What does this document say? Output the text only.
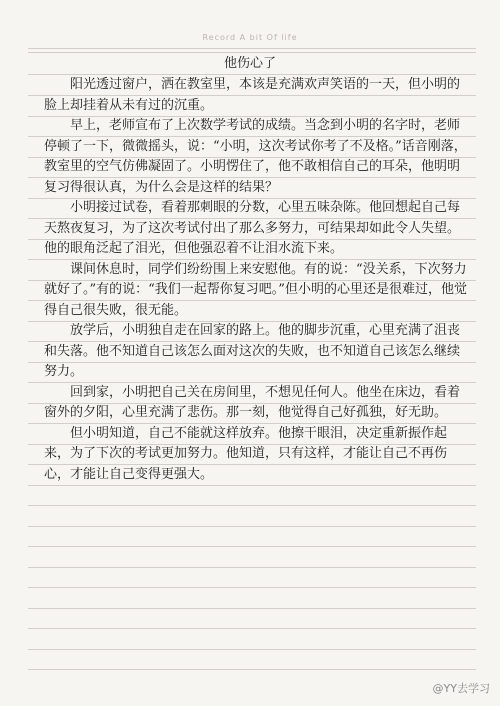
Record A bit Of life
他伤心了

阳光透过窗户，洒在教室里，本该是充满欢声笑语的一天，但小明的脸上却挂着从未有过的沉重。

早上，老师宣布了上次数学考试的成绩。当念到小明的名字时，老师停顿了一下，微微摇头，说：“小明，这次考试你考了不及格。”话音刚落，教室里的空气仿佛凝固了。小明愣住了，他不敢相信自己的耳朵，他明明复习得很认真，为什么会是这样的结果？

小明接过试卷，看着那刺眼的分数，心里五味杂陈。他回想起自己每天熬夜复习，为了这次考试付出了那么多努力，可结果却如此令人失望。他的眼角泛起了泪光，但他强忍着不让泪水流下来。

课间休息时，同学们纷纷围上来安慰他。有的说：“没关系，下次努力就好了。”有的说：“我们一起帮你复习吧。”但小明的心里还是很难过，他觉得自己很失败，很无能。

放学后，小明独自走在回家的路上。他的脚步沉重，心里充满了沮丧和失落。他不知道自己该怎么面对这次的失败，也不知道自己该怎么继续努力。

回到家，小明把自己关在房间里，不想见任何人。他坐在床边，看着窗外的夕阳，心里充满了悲伤。那一刻，他觉得自己好孤独，好无助。

但小明知道，自己不能就这样放弃。他擦干眼泪，决定重新振作起来，为了下次的考试更加努力。他知道，只有这样，才能让自己不再伤心，才能让自己变得更强大。

@YY去学习
